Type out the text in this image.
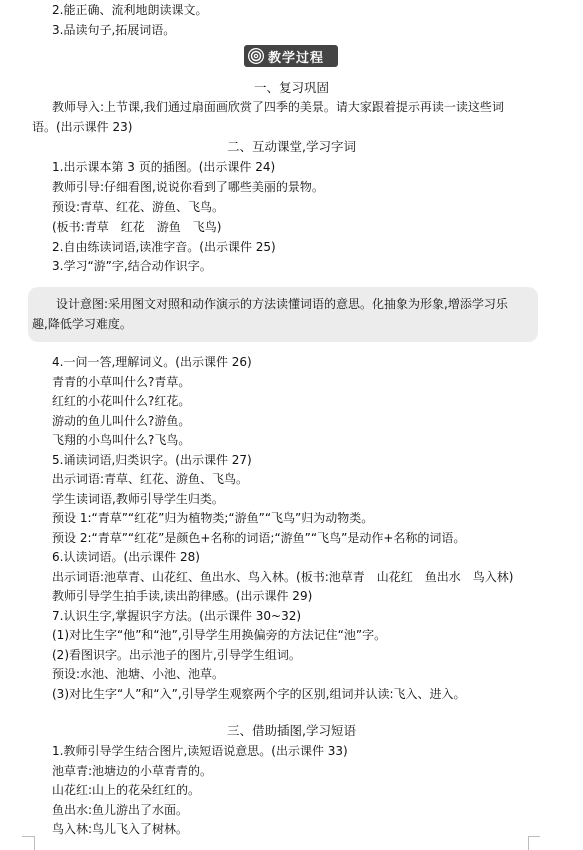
2.能正确、流利地朗读课文。
3.品读句子,拓展词语。
教学过程
一、复习巩固
教师导入:上节课,我们通过扇面画欣赏了四季的美景。请大家跟着提示再读一读这些词
语。(出示课件 23)
二、互动课堂,学习字词
1.出示课本第 3 页的插图。(出示课件 24)
教师引导:仔细看图,说说你看到了哪些美丽的景物。
预设:青草、红花、游鱼、飞鸟。
(板书:青草　红花　游鱼　飞鸟)
2.自由练读词语,读准字音。(出示课件 25)
3.学习“游”字,结合动作识字。
设计意图:采用图文对照和动作演示的方法读懂词语的意思。化抽象为形象,增添学习乐
趣,降低学习难度。
4.一问一答,理解词义。(出示课件 26)
青青的小草叫什么?青草。
红红的小花叫什么?红花。
游动的鱼儿叫什么?游鱼。
飞翔的小鸟叫什么?飞鸟。
5.诵读词语,归类识字。(出示课件 27)
出示词语:青草、红花、游鱼、飞鸟。
学生读词语,教师引导学生归类。
预设 1:“青草”“红花”归为植物类;“游鱼”“飞鸟”归为动物类。
预设 2:“青草”“红花”是颜色+名称的词语;“游鱼”“飞鸟”是动作+名称的词语。
6.认读词语。(出示课件 28)
出示词语:池草青、山花红、鱼出水、鸟入林。(板书:池草青　山花红　鱼出水　鸟入林)
教师引导学生拍手读,读出韵律感。(出示课件 29)
7.认识生字,掌握识字方法。(出示课件 30~32)
(1)对比生字“他”和“池”,引导学生用换偏旁的方法记住“池”字。
(2)看图识字。出示池子的图片,引导学生组词。
预设:水池、池塘、小池、池草。
(3)对比生字“人”和“入”,引导学生观察两个字的区别,组词并认读:飞入、进入。
三、借助插图,学习短语
1.教师引导学生结合图片,读短语说意思。(出示课件 33)
池草青:池塘边的小草青青的。
山花红:山上的花朵红红的。
鱼出水:鱼儿游出了水面。
鸟入林:鸟儿飞入了树林。
